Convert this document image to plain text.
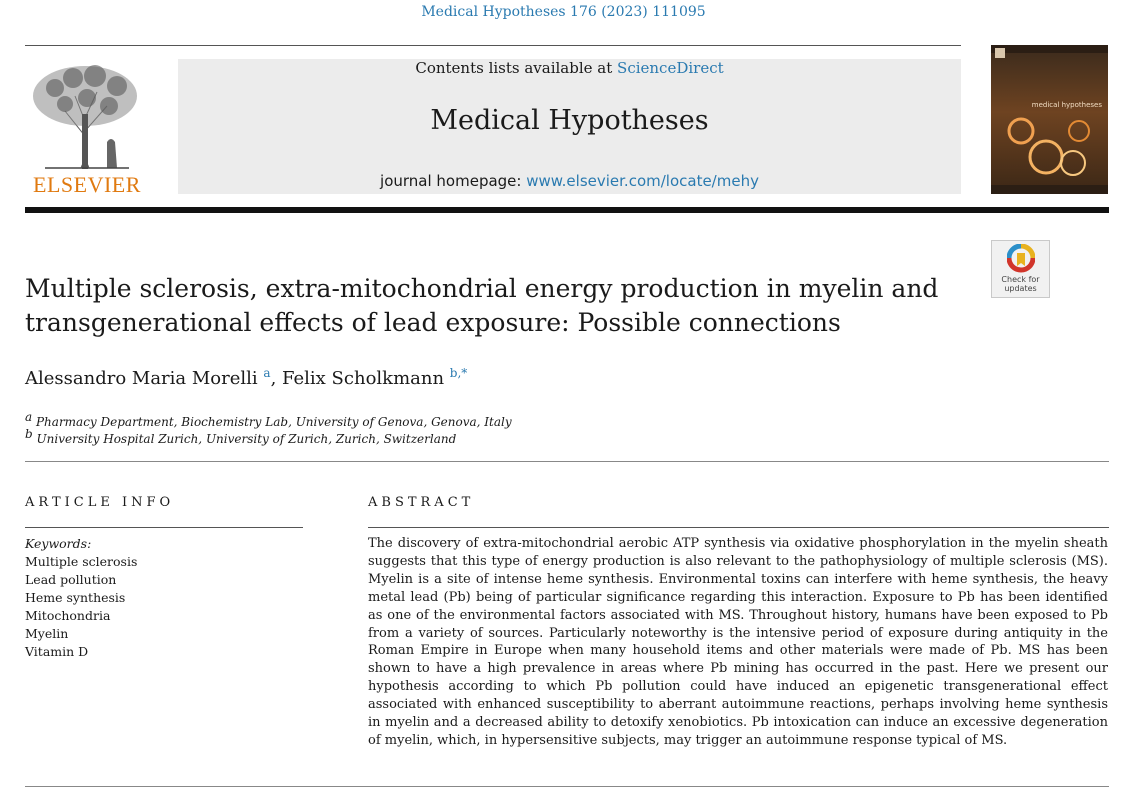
Medical Hypotheses 176 (2023) 111095
ELSEVIER
Contents lists available at ScienceDirect
Medical Hypotheses
journal homepage: www.elsevier.com/locate/mehy
medical hypotheses
Check for
updates
Multiple sclerosis, extra-mitochondrial energy production in myelin and transgenerational effects of lead exposure: Possible connections
Alessandro Maria Morelli $^a$, Felix Scholkmann $^{b,*}$
$^a$ Pharmacy Department, Biochemistry Lab, University of Genova, Genova, Italy
$^b$ University Hospital Zurich, University of Zurich, Zurich, Switzerland
ARTICLE INFO	ABSTRACT
Keywords:
Multiple sclerosis
Lead pollution
Heme synthesis
Mitochondria
Myelin
Vitamin D
The discovery of extra-mitochondrial aerobic ATP synthesis via oxidative phosphorylation in the myelin sheath suggests that this type of energy production is also relevant to the pathophysiology of multiple sclerosis (MS). Myelin is a site of intense heme synthesis. Environmental toxins can interfere with heme synthesis, the heavy metal lead (Pb) being of particular significance regarding this interaction. Exposure to Pb has been identified as one of the environmental factors associated with MS. Throughout history, humans have been exposed to Pb from a variety of sources. Particularly noteworthy is the intensive period of exposure during antiquity in the Roman Empire in Europe when many household items and other materials were made of Pb. MS has been shown to have a high prevalence in areas where Pb mining has occurred in the past. Here we present our hypothesis according to which Pb pollution could have induced an epigenetic transgenerational effect associated with enhanced susceptibility to aberrant autoimmune reactions, perhaps involving heme synthesis in myelin and a decreased ability to detoxify xenobiotics. Pb intoxication can induce an excessive degeneration of myelin, which, in hypersensitive subjects, may trigger an autoimmune response typical of MS.
